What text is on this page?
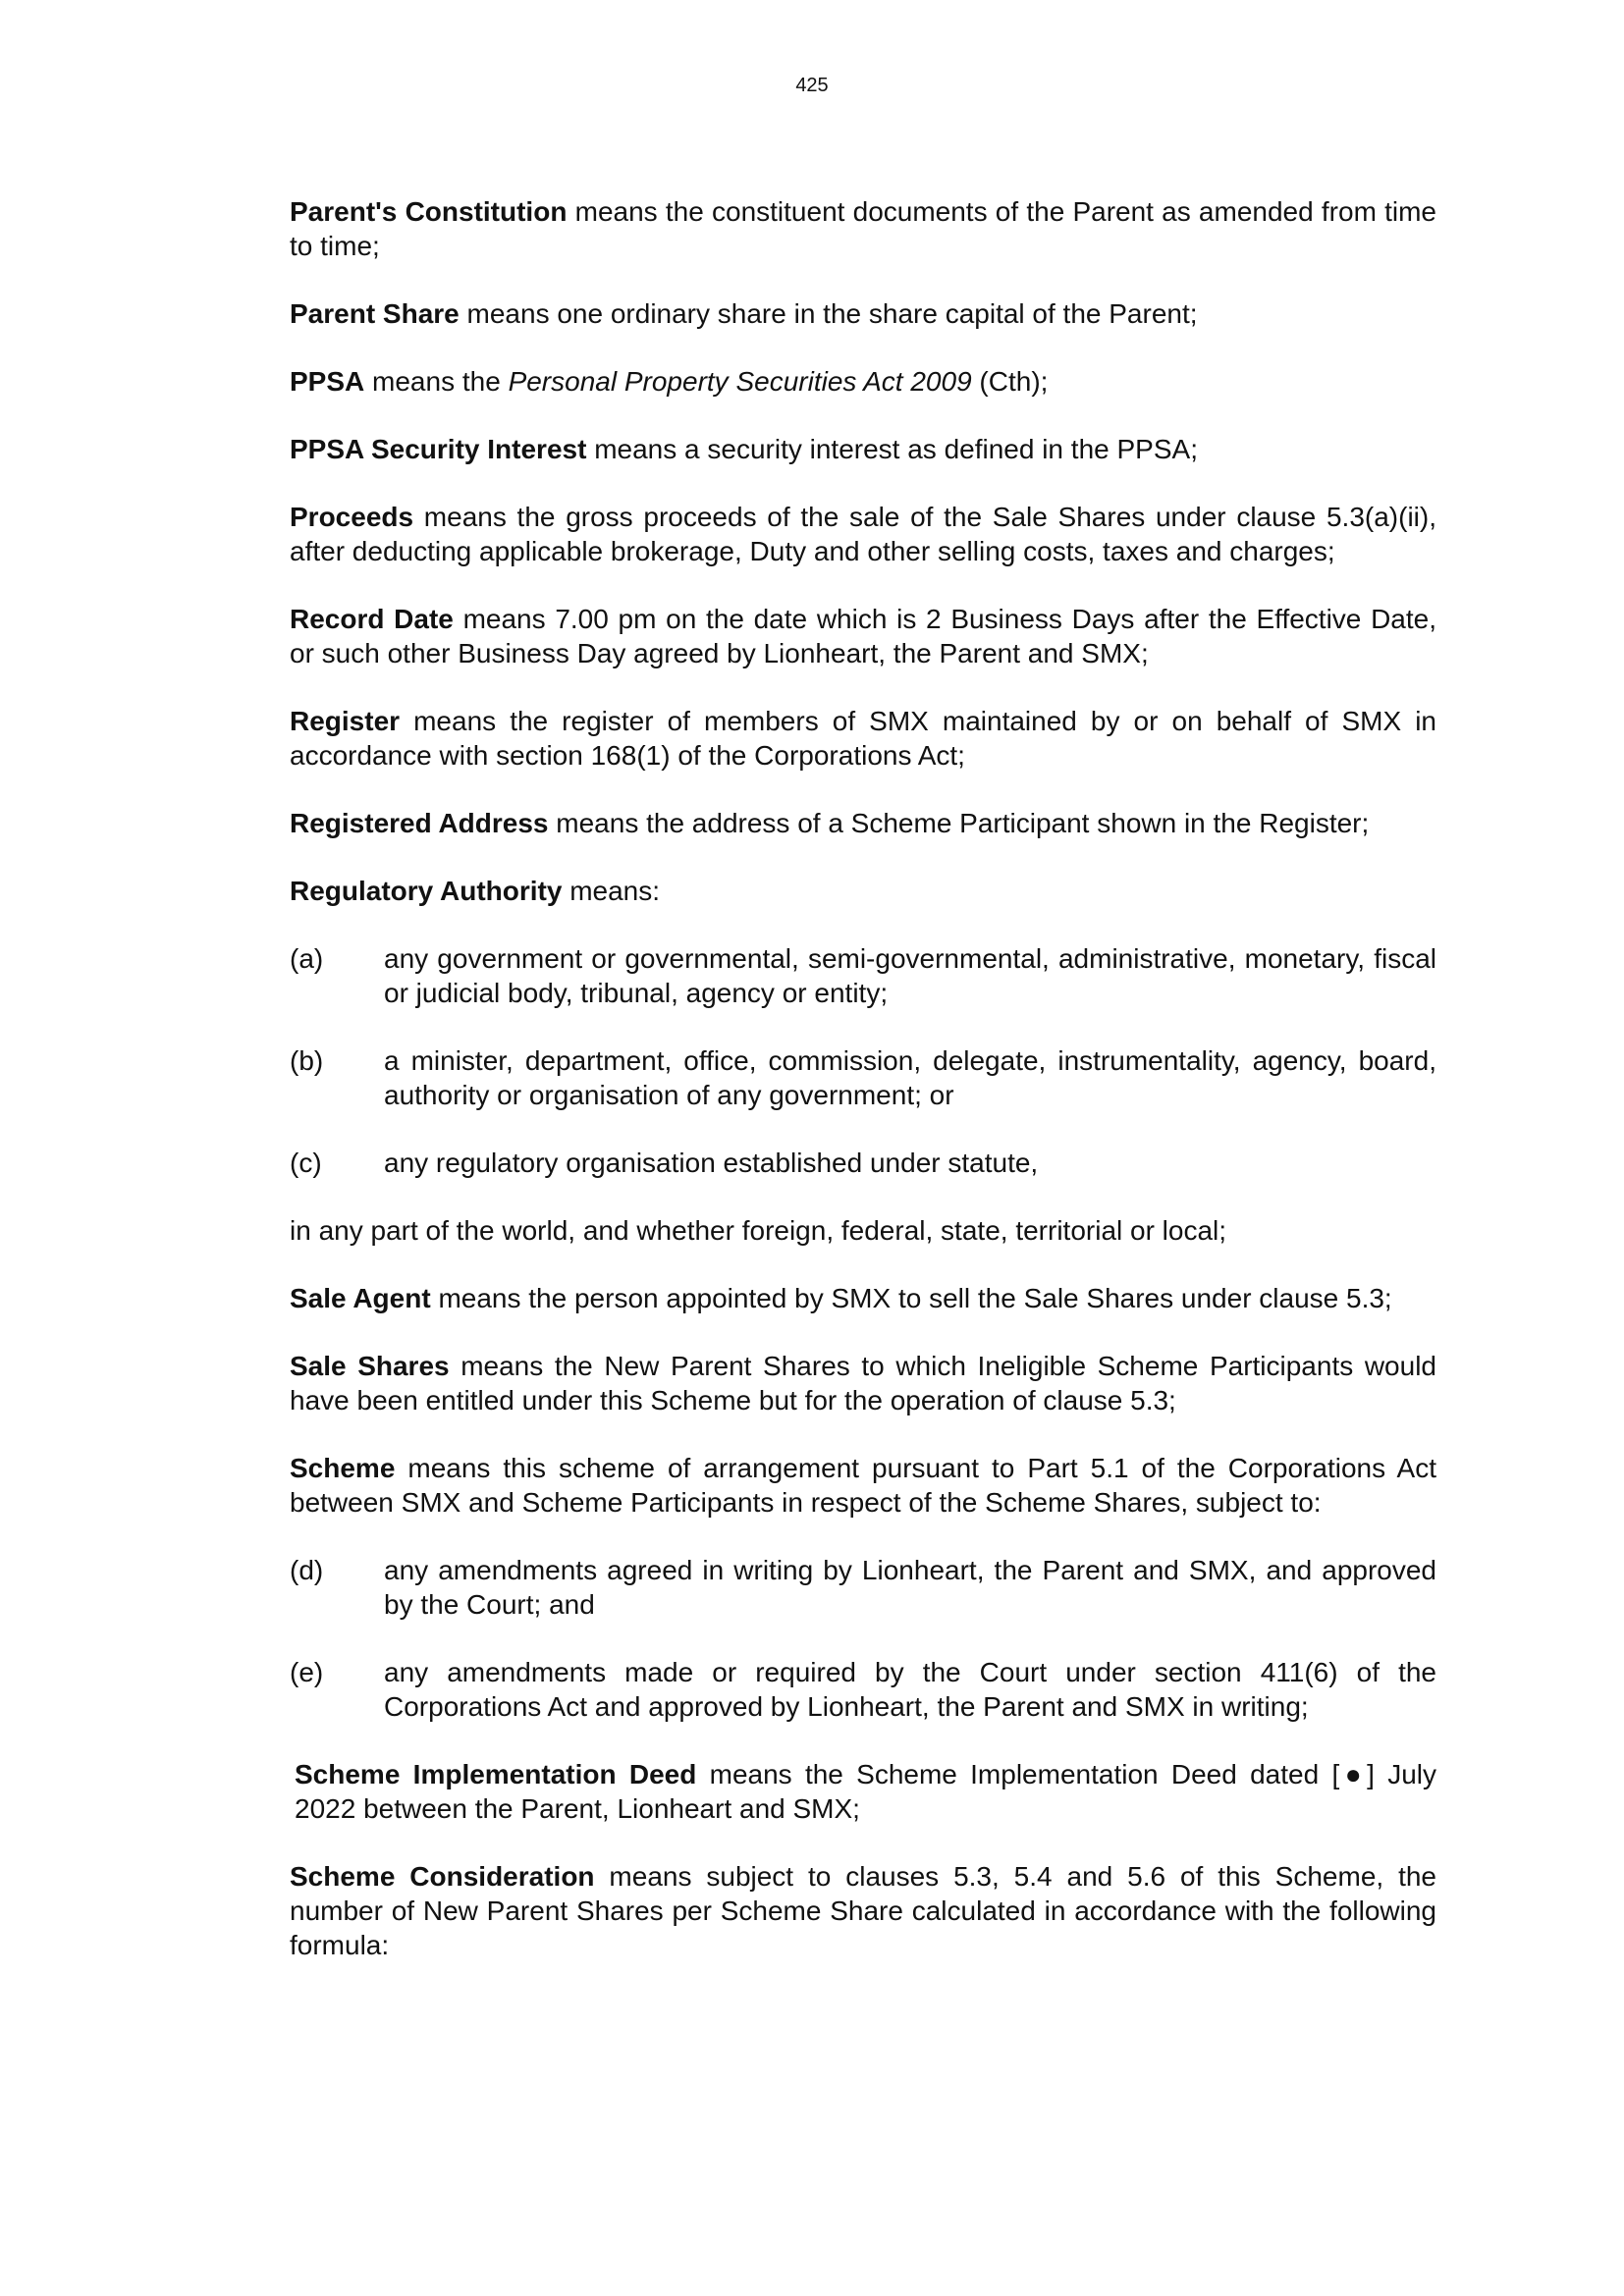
425

Parent's Constitution means the constituent documents of the Parent as amended from time to time;

Parent Share means one ordinary share in the share capital of the Parent;

PPSA means the Personal Property Securities Act 2009 (Cth);

PPSA Security Interest means a security interest as defined in the PPSA;

Proceeds means the gross proceeds of the sale of the Sale Shares under clause 5.3(a)(ii), after deducting applicable brokerage, Duty and other selling costs, taxes and charges;

Record Date means 7.00 pm on the date which is 2 Business Days after the Effective Date, or such other Business Day agreed by Lionheart, the Parent and SMX;

Register means the register of members of SMX maintained by or on behalf of SMX in accordance with section 168(1) of the Corporations Act;

Registered Address means the address of a Scheme Participant shown in the Register;

Regulatory Authority means:

(a) any government or governmental, semi-governmental, administrative, monetary, fiscal or judicial body, tribunal, agency or entity;
(b) a minister, department, office, commission, delegate, instrumentality, agency, board, authority or organisation of any government; or
(c) any regulatory organisation established under statute,

in any part of the world, and whether foreign, federal, state, territorial or local;

Sale Agent means the person appointed by SMX to sell the Sale Shares under clause 5.3;

Sale Shares means the New Parent Shares to which Ineligible Scheme Participants would have been entitled under this Scheme but for the operation of clause 5.3;

Scheme means this scheme of arrangement pursuant to Part 5.1 of the Corporations Act between SMX and Scheme Participants in respect of the Scheme Shares, subject to:

(d) any amendments agreed in writing by Lionheart, the Parent and SMX, and approved by the Court; and
(e) any amendments made or required by the Court under section 411(6) of the Corporations Act and approved by Lionheart, the Parent and SMX in writing;

Scheme Implementation Deed means the Scheme Implementation Deed dated [●] July 2022 between the Parent, Lionheart and SMX;

Scheme Consideration means subject to clauses 5.3, 5.4 and 5.6 of this Scheme, the number of New Parent Shares per Scheme Share calculated in accordance with the following formula:
